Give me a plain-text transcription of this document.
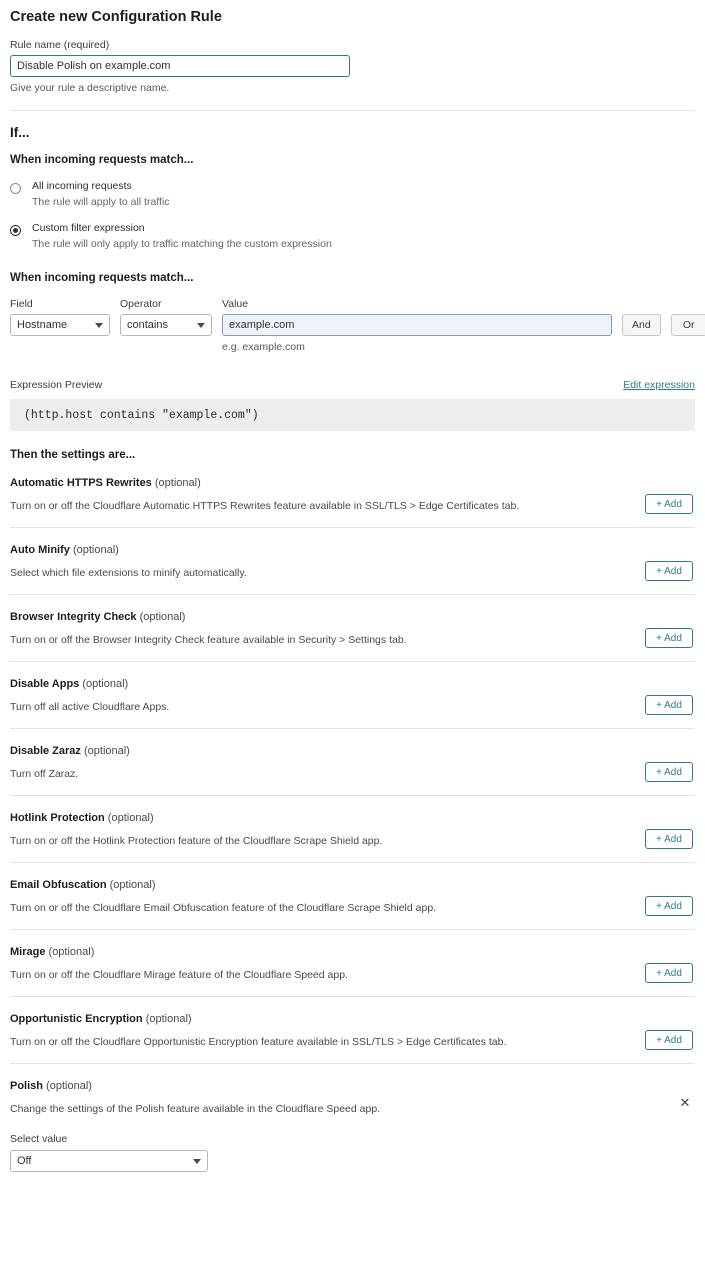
Create new Configuration Rule
Rule name (required)
Disable Polish on example.com
Give your rule a descriptive name.
If...
When incoming requests match...
All incoming requests
The rule will apply to all traffic
Custom filter expression
The rule will only apply to traffic matching the custom expression
When incoming requests match...
Field
Hostname
Operator
contains
Value
example.com
e.g. example.com
And	Or
Expression Preview	Edit expression
(http.host contains "example.com")
Then the settings are...
Automatic HTTPS Rewrites (optional)
Turn on or off the Cloudflare Automatic HTTPS Rewrites feature available in SSL/TLS > Edge Certificates tab.	+ Add
Auto Minify (optional)
Select which file extensions to minify automatically.	+ Add
Browser Integrity Check (optional)
Turn on or off the Browser Integrity Check feature available in Security > Settings tab.	+ Add
Disable Apps (optional)
Turn off all active Cloudflare Apps.	+ Add
Disable Zaraz (optional)
Turn off Zaraz.	+ Add
Hotlink Protection (optional)
Turn on or off the Hotlink Protection feature of the Cloudflare Scrape Shield app.	+ Add
Email Obfuscation (optional)
Turn on or off the Cloudflare Email Obfuscation feature of the Cloudflare Scrape Shield app.	+ Add
Mirage (optional)
Turn on or off the Cloudflare Mirage feature of the Cloudflare Speed app.	+ Add
Opportunistic Encryption (optional)
Turn on or off the Cloudflare Opportunistic Encryption feature available in SSL/TLS > Edge Certificates tab.	+ Add
Polish (optional)
Change the settings of the Polish feature available in the Cloudflare Speed app.	✕
Select value
Off
